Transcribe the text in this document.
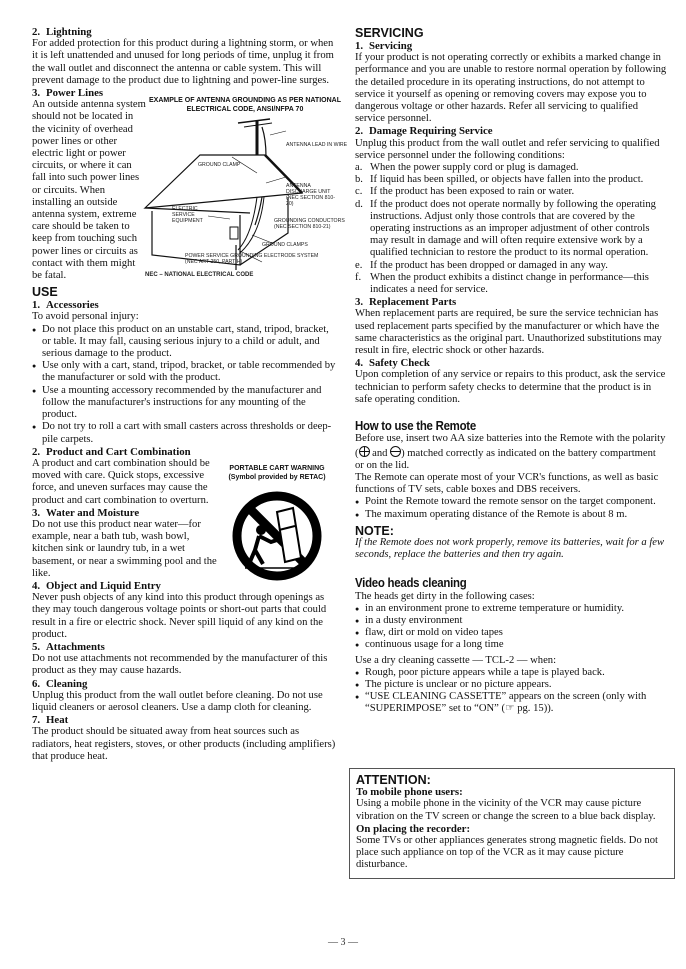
2. Lightning

For added protection for this product during a lightning storm, or when it is left unattended and unused for long periods of time, unplug it from the wall outlet and disconnect the antenna or cable system. This will prevent damage to the product due to lightning and power-line surges.

3. Power Lines

An outside antenna system should not be located in the vicinity of overhead power lines or other electric light or power circuits, or where it can fall into such power lines or circuits. When installing an outside antenna system, extreme care should be taken to keep from touching such power lines or circuits as contact with them might be fatal.

USE

1. Accessories

To avoid personal injury:

● Do not place this product on an unstable cart, stand, tripod, bracket, or table. It may fall, causing serious injury to a child or adult, and serious damage to the product.
● Use only with a cart, stand, tripod, bracket, or table recommended by the manufacturer or sold with the product.
● Use a mounting accessory recommended by the manufacturer and follow the manufacturer's instructions for any mounting of the product.
● Do not try to roll a cart with small casters across thresholds or deep-pile carpets.

2. Product and Cart Combination

A product and cart combination should be moved with care. Quick stops, excessive force, and uneven surfaces may cause the product and cart combination to overturn.

3. Water and Moisture

Do not use this product near water—for example, near a bath tub, wash bowl, kitchen sink or laundry tub, in a wet basement, or near a swimming pool and the like.

4. Object and Liquid Entry

Never push objects of any kind into this product through openings as they may touch dangerous voltage points or short-out parts that could result in a fire or electric shock. Never spill liquid of any kind on the product.

5. Attachments

Do not use attachments not recommended by the manufacturer of this product as they may cause hazards.

6. Cleaning

Unplug this product from the wall outlet before cleaning. Do not use liquid cleaners or aerosol cleaners. Use a damp cloth for cleaning.

7. Heat

The product should be situated away from heat sources such as radiators, heat registers, stoves, or other products (including amplifiers) that produce heat.

EXAMPLE OF ANTENNA GROUNDING AS PER NATIONAL ELECTRICAL CODE, ANSI/NFPA 70
ANTENNA LEAD IN WIRE
GROUND CLAMP
ANTENNA DISCHARGE UNIT (NEC SECTION 810-20)
ELECTRIC SERVICE EQUIPMENT	GROUNDING CONDUCTORS (NEC SECTION 810-21)
GROUND CLAMPS
POWER SERVICE GROUNDING ELECTRODE SYSTEM (NEC ART 250, PART H)
NEC – NATIONAL ELECTRICAL CODE
PORTABLE CART WARNING
(Symbol provided by RETAC)

SERVICING

1. Servicing

If your product is not operating correctly or exhibits a marked change in performance and you are unable to restore normal operation by following the detailed procedure in its operating instructions, do not attempt to service it yourself as opening or removing covers may expose you to dangerous voltage or other hazards. Refer all servicing to qualified service personnel.

2. Damage Requiring Service

Unplug this product from the wall outlet and refer servicing to qualified service personnel under the following conditions:

a. When the power supply cord or plug is damaged.
b. If liquid has been spilled, or objects have fallen into the product.
c. If the product has been exposed to rain or water.
d. If the product does not operate normally by following the operating instructions. Adjust only those controls that are covered by the operating instructions as an improper adjustment of other controls may result in damage and will often require extensive work by a qualified technician to restore the product to its normal operation.
e. If the product has been dropped or damaged in any way.
f. When the product exhibits a distinct change in performance—this indicates a need for service.

3. Replacement Parts

When replacement parts are required, be sure the service technician has used replacement parts specified by the manufacturer or which have the same characteristics as the original part. Unauthorized substitutions may result in fire, electric shock or other hazards.

4. Safety Check

Upon completion of any service or repairs to this product, ask the service technician to perform safety checks to determine that the product is in safe operating condition.

How to use the Remote

Before use, insert two AA size batteries into the Remote with the polarity (
and
) matched correctly as indicated on the battery compartment or on the lid.

The Remote can operate most of your VCR's functions, as well as basic functions of TV sets, cable boxes and DBS receivers.

● Point the Remote toward the remote sensor on the target component.
● The maximum operating distance of the Remote is about 8 m.

NOTE:

If the Remote does not work properly, remove its batteries, wait for a few seconds, replace the batteries and then try again.

Video heads cleaning

The heads get dirty in the following cases:

● in an environment prone to extreme temperature or humidity.
● in a dusty environment
● flaw, dirt or mold on video tapes
● continuous usage for a long time

Use a dry cleaning cassette — TCL-2 — when:

● Rough, poor picture appears while a tape is played back.
● The picture is unclear or no picture appears.
● “USE CLEANING CASSETTE” appears on the screen (only with “SUPERIMPOSE” set to “ON” (☞ pg. 15)).

ATTENTION:

To mobile phone users:

Using a mobile phone in the vicinity of the VCR may cause picture vibration on the TV screen or change the screen to a blue back display.

On placing the recorder:

Some TVs or other appliances generates strong magnetic fields. Do not place such appliance on top of the VCR as it may cause picture disturbance.

— 3 —
